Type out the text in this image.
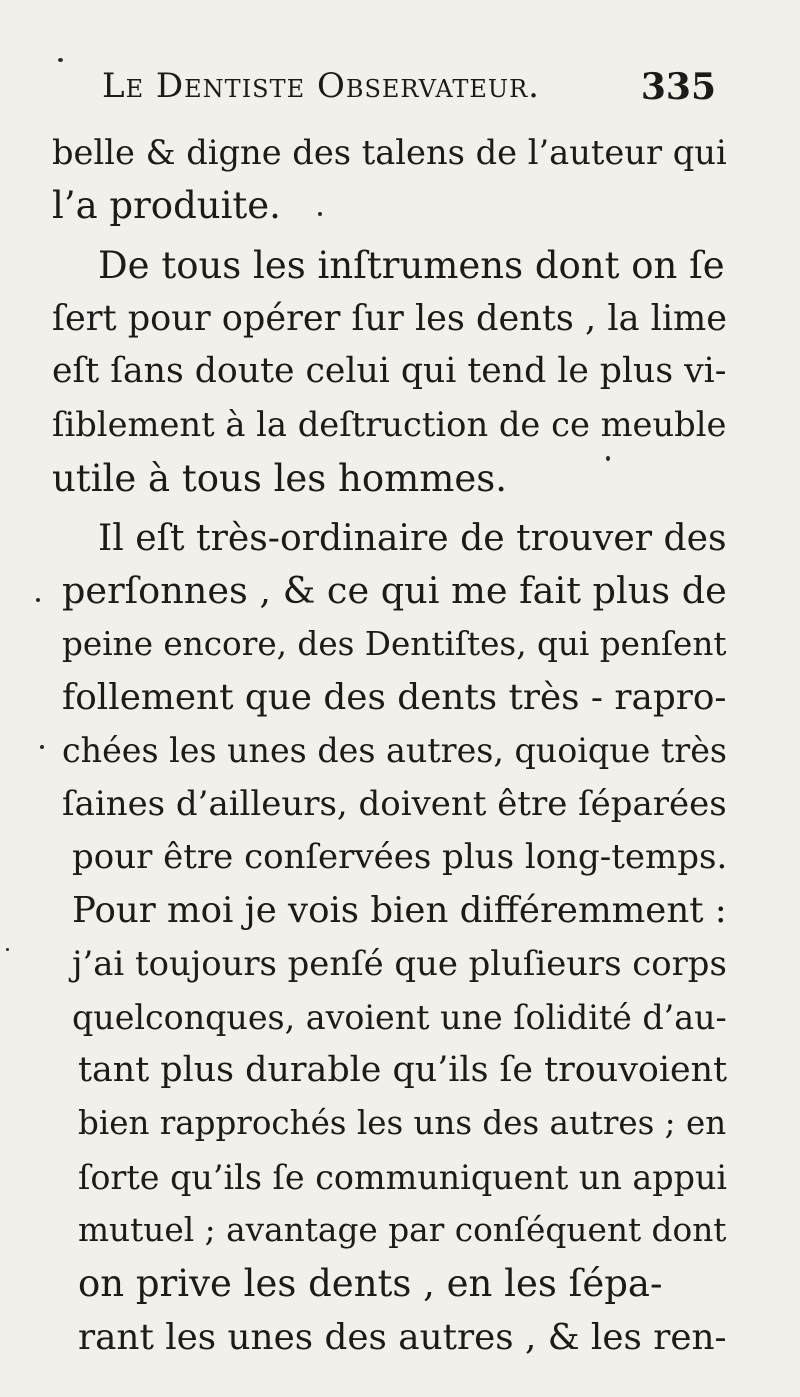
Le Dentiste Observateur.	335
belle & digne des talens de l’auteur qui
l’a produite.
De tous les inſtrumens dont on ſe
ſert pour opérer ſur les dents , la lime
eſt ſans doute celui qui tend le plus vi-
ſiblement à la deſtruction de ce meuble
utile à tous les hommes.
Il eſt très-ordinaire de trouver des
perſonnes , & ce qui me fait plus de
peine encore, des Dentiſtes, qui penſent
follement que des dents très - rapro-
chées les unes des autres, quoique très
ſaines d’ailleurs, doivent être ſéparées
pour être conſervées plus long-temps.
Pour moi je vois bien différemment :
j’ai toujours penſé que pluſieurs corps
quelconques, avoient une ſolidité d’au-
tant plus durable qu’ils ſe trouvoient
bien rapprochés les uns des autres ; en
ſorte qu’ils ſe communiquent un appui
mutuel ; avantage par conſéquent dont
on prive les dents , en les ſépa-
rant les unes des autres , & les ren-
